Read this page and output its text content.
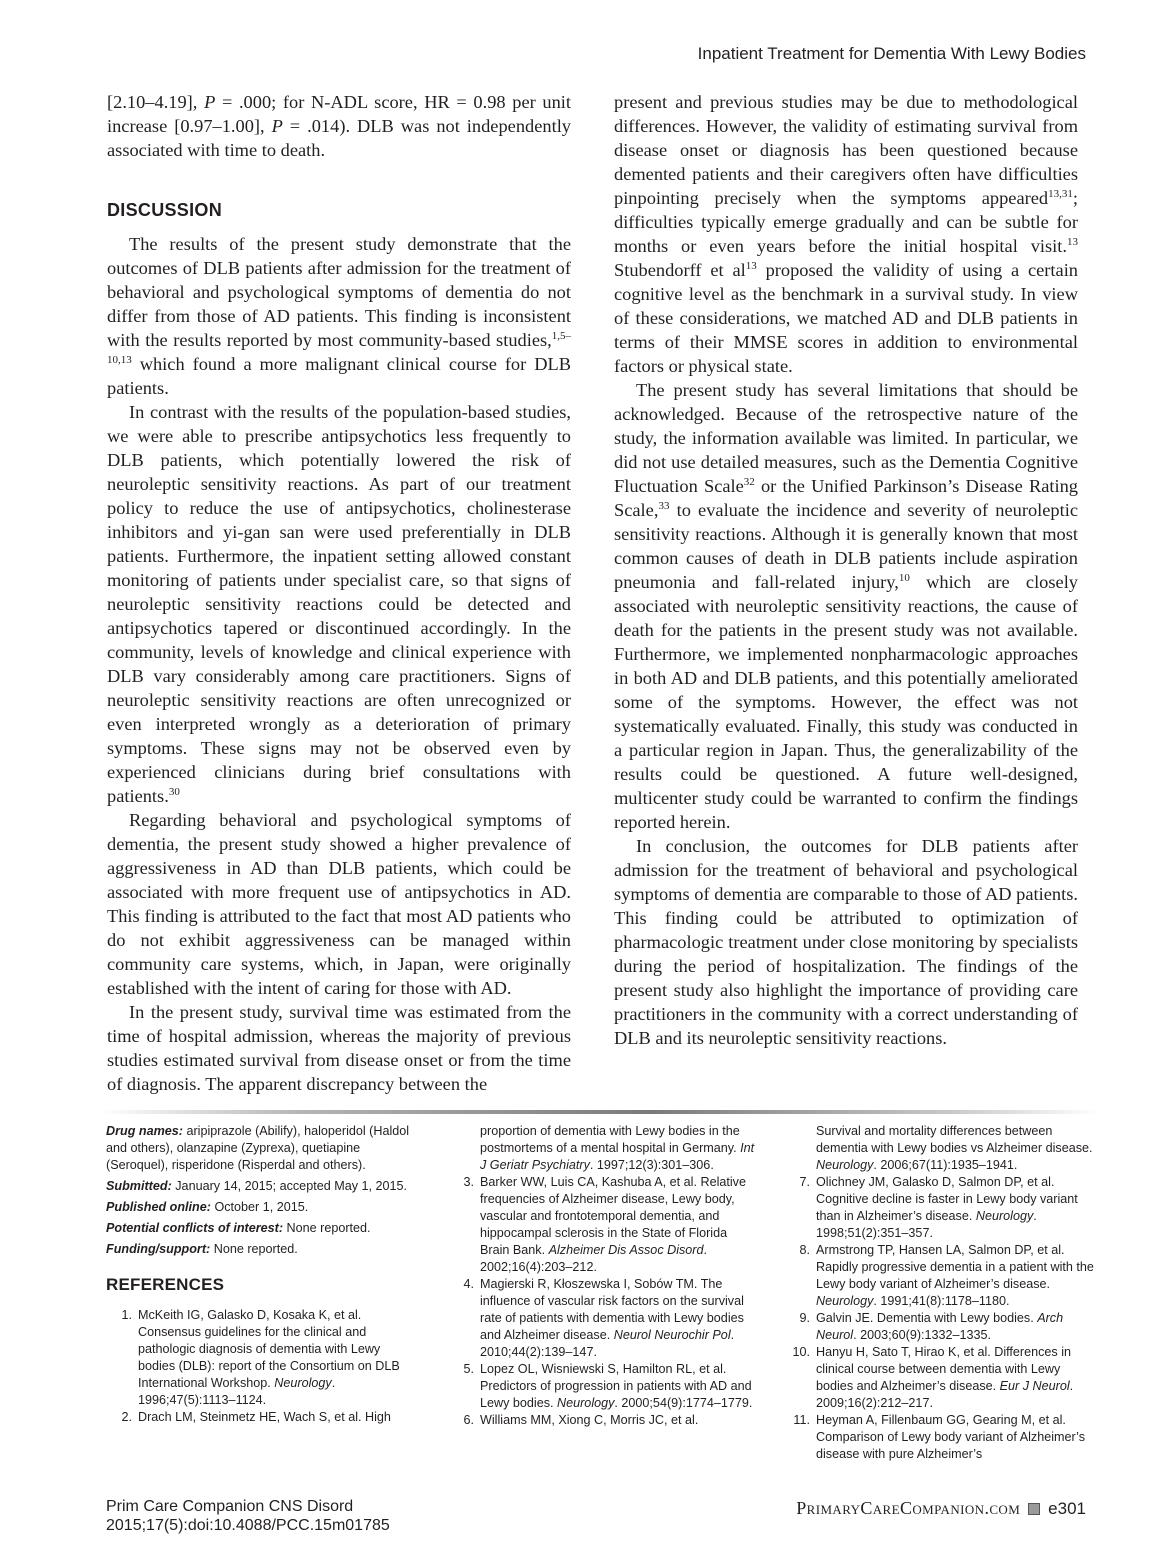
Inpatient Treatment for Dementia With Lewy Bodies

[2.10–4.19], P = .000; for N-ADL score, HR = 0.98 per unit increase [0.97–1.00], P = .014). DLB was not independently associated with time to death.

DISCUSSION

The results of the present study demonstrate that the outcomes of DLB patients after admission for the treatment of behavioral and psychological symptoms of dementia do not differ from those of AD patients. This finding is inconsistent with the results reported by most community-based studies,$^{1,5-10,13}$ which found a more malignant clinical course for DLB patients.

In contrast with the results of the population-based studies, we were able to prescribe antipsychotics less frequently to DLB patients, which potentially lowered the risk of neuroleptic sensitivity reactions. As part of our treatment policy to reduce the use of antipsychotics, cholinesterase inhibitors and yi-gan san were used preferentially in DLB patients. Furthermore, the inpatient setting allowed constant monitoring of patients under specialist care, so that signs of neuroleptic sensitivity reactions could be detected and antipsychotics tapered or discontinued accordingly. In the community, levels of knowledge and clinical experience with DLB vary considerably among care practitioners. Signs of neuroleptic sensitivity reactions are often unrecognized or even interpreted wrongly as a deterioration of primary symptoms. These signs may not be observed even by experienced clinicians during brief consultations with patients.$^{30}$

Regarding behavioral and psychological symptoms of dementia, the present study showed a higher prevalence of aggressiveness in AD than DLB patients, which could be associated with more frequent use of antipsychotics in AD. This finding is attributed to the fact that most AD patients who do not exhibit aggressiveness can be managed within community care systems, which, in Japan, were originally established with the intent of caring for those with AD.

In the present study, survival time was estimated from the time of hospital admission, whereas the majority of previous studies estimated survival from disease onset or from the time of diagnosis. The apparent discrepancy between the

present and previous studies may be due to methodological differences. However, the validity of estimating survival from disease onset or diagnosis has been questioned because demented patients and their caregivers often have difficulties pinpointing precisely when the symptoms appeared$^{13,31}$; difficulties typically emerge gradually and can be subtle for months or even years before the initial hospital visit.$^{13}$ Stubendorff et $al^{13}$ proposed the validity of using a certain cognitive level as the benchmark in a survival study. In view of these considerations, we matched AD and DLB patients in terms of their MMSE scores in addition to environmental factors or physical state.

The present study has several limitations that should be acknowledged. Because of the retrospective nature of the study, the information available was limited. In particular, we did not use detailed measures, such as the Dementia Cognitive Fluctuation Scale$^{32}$ or the Unified Parkinson’s Disease Rating Scale,$^{33}$ to evaluate the incidence and severity of neuroleptic sensitivity reactions. Although it is generally known that most common causes of death in DLB patients include aspiration pneumonia and fall-related injury,$^{10}$ which are closely associated with neuroleptic sensitivity reactions, the cause of death for the patients in the present study was not available. Furthermore, we implemented nonpharmacologic approaches in both AD and DLB patients, and this potentially ameliorated some of the symptoms. However, the effect was not systematically evaluated. Finally, this study was conducted in a particular region in Japan. Thus, the generalizability of the results could be questioned. A future well-designed, multicenter study could be warranted to confirm the findings reported herein.

In conclusion, the outcomes for DLB patients after admission for the treatment of behavioral and psychological symptoms of dementia are comparable to those of AD patients. This finding could be attributed to optimization of pharmacologic treatment under close monitoring by specialists during the period of hospitalization. The findings of the present study also highlight the importance of providing care practitioners in the community with a correct understanding of DLB and its neuroleptic sensitivity reactions.

Drug names: aripiprazole (Abilify), haloperidol (Haldol and others), olanzapine (Zyprexa), quetiapine (Seroquel), risperidone (Risperdal and others).

Submitted: January 14, 2015; accepted May 1, 2015.

Published online: October 1, 2015.

Potential conflicts of interest: None reported.

Funding/support: None reported.

REFERENCES
1. McKeith IG, Galasko D, Kosaka K, et al. Consensus guidelines for the clinical and pathologic diagnosis of dementia with Lewy bodies (DLB): report of the Consortium on DLB International Workshop. Neurology. 1996;47(5):1113–1124.
2. Drach LM, Steinmetz HE, Wach S, et al. High
proportion of dementia with Lewy bodies in the postmortems of a mental hospital in Germany. Int J Geriatr Psychiatry. 1997;12(3):301–306.
3. Barker WW, Luis CA, Kashuba A, et al. Relative frequencies of Alzheimer disease, Lewy body, vascular and frontotemporal dementia, and hippocampal sclerosis in the State of Florida Brain Bank. Alzheimer Dis Assoc Disord. 2002;16(4):203–212.
4. Magierski R, Kłoszewska I, Sobów TM. The influence of vascular risk factors on the survival rate of patients with dementia with Lewy bodies and Alzheimer disease. Neurol Neurochir Pol. 2010;44(2):139–147.
5. Lopez OL, Wisniewski S, Hamilton RL, et al. Predictors of progression in patients with AD and Lewy bodies. Neurology. 2000;54(9):1774–1779.
6. Williams MM, Xiong C, Morris JC, et al.
Survival and mortality differences between dementia with Lewy bodies vs Alzheimer disease. Neurology. 2006;67(11):1935–1941.
7. Olichney JM, Galasko D, Salmon DP, et al. Cognitive decline is faster in Lewy body variant than in Alzheimer’s disease. Neurology. 1998;51(2):351–357.
8. Armstrong TP, Hansen LA, Salmon DP, et al. Rapidly progressive dementia in a patient with the Lewy body variant of Alzheimer’s disease. Neurology. 1991;41(8):1178–1180.
9. Galvin JE. Dementia with Lewy bodies. Arch Neurol. 2003;60(9):1332–1335.
10. Hanyu H, Sato T, Hirao K, et al. Differences in clinical course between dementia with Lewy bodies and Alzheimer’s disease. Eur J Neurol. 2009;16(2):212–217.
11. Heyman A, Fillenbaum GG, Gearing M, et al. Comparison of Lewy body variant of Alzheimer’s disease with pure Alzheimer’s
Prim Care Companion CNS Disord
2015;17(5):doi:10.4088/PCC.15m01785
PrimaryCareCompanion.com e301
